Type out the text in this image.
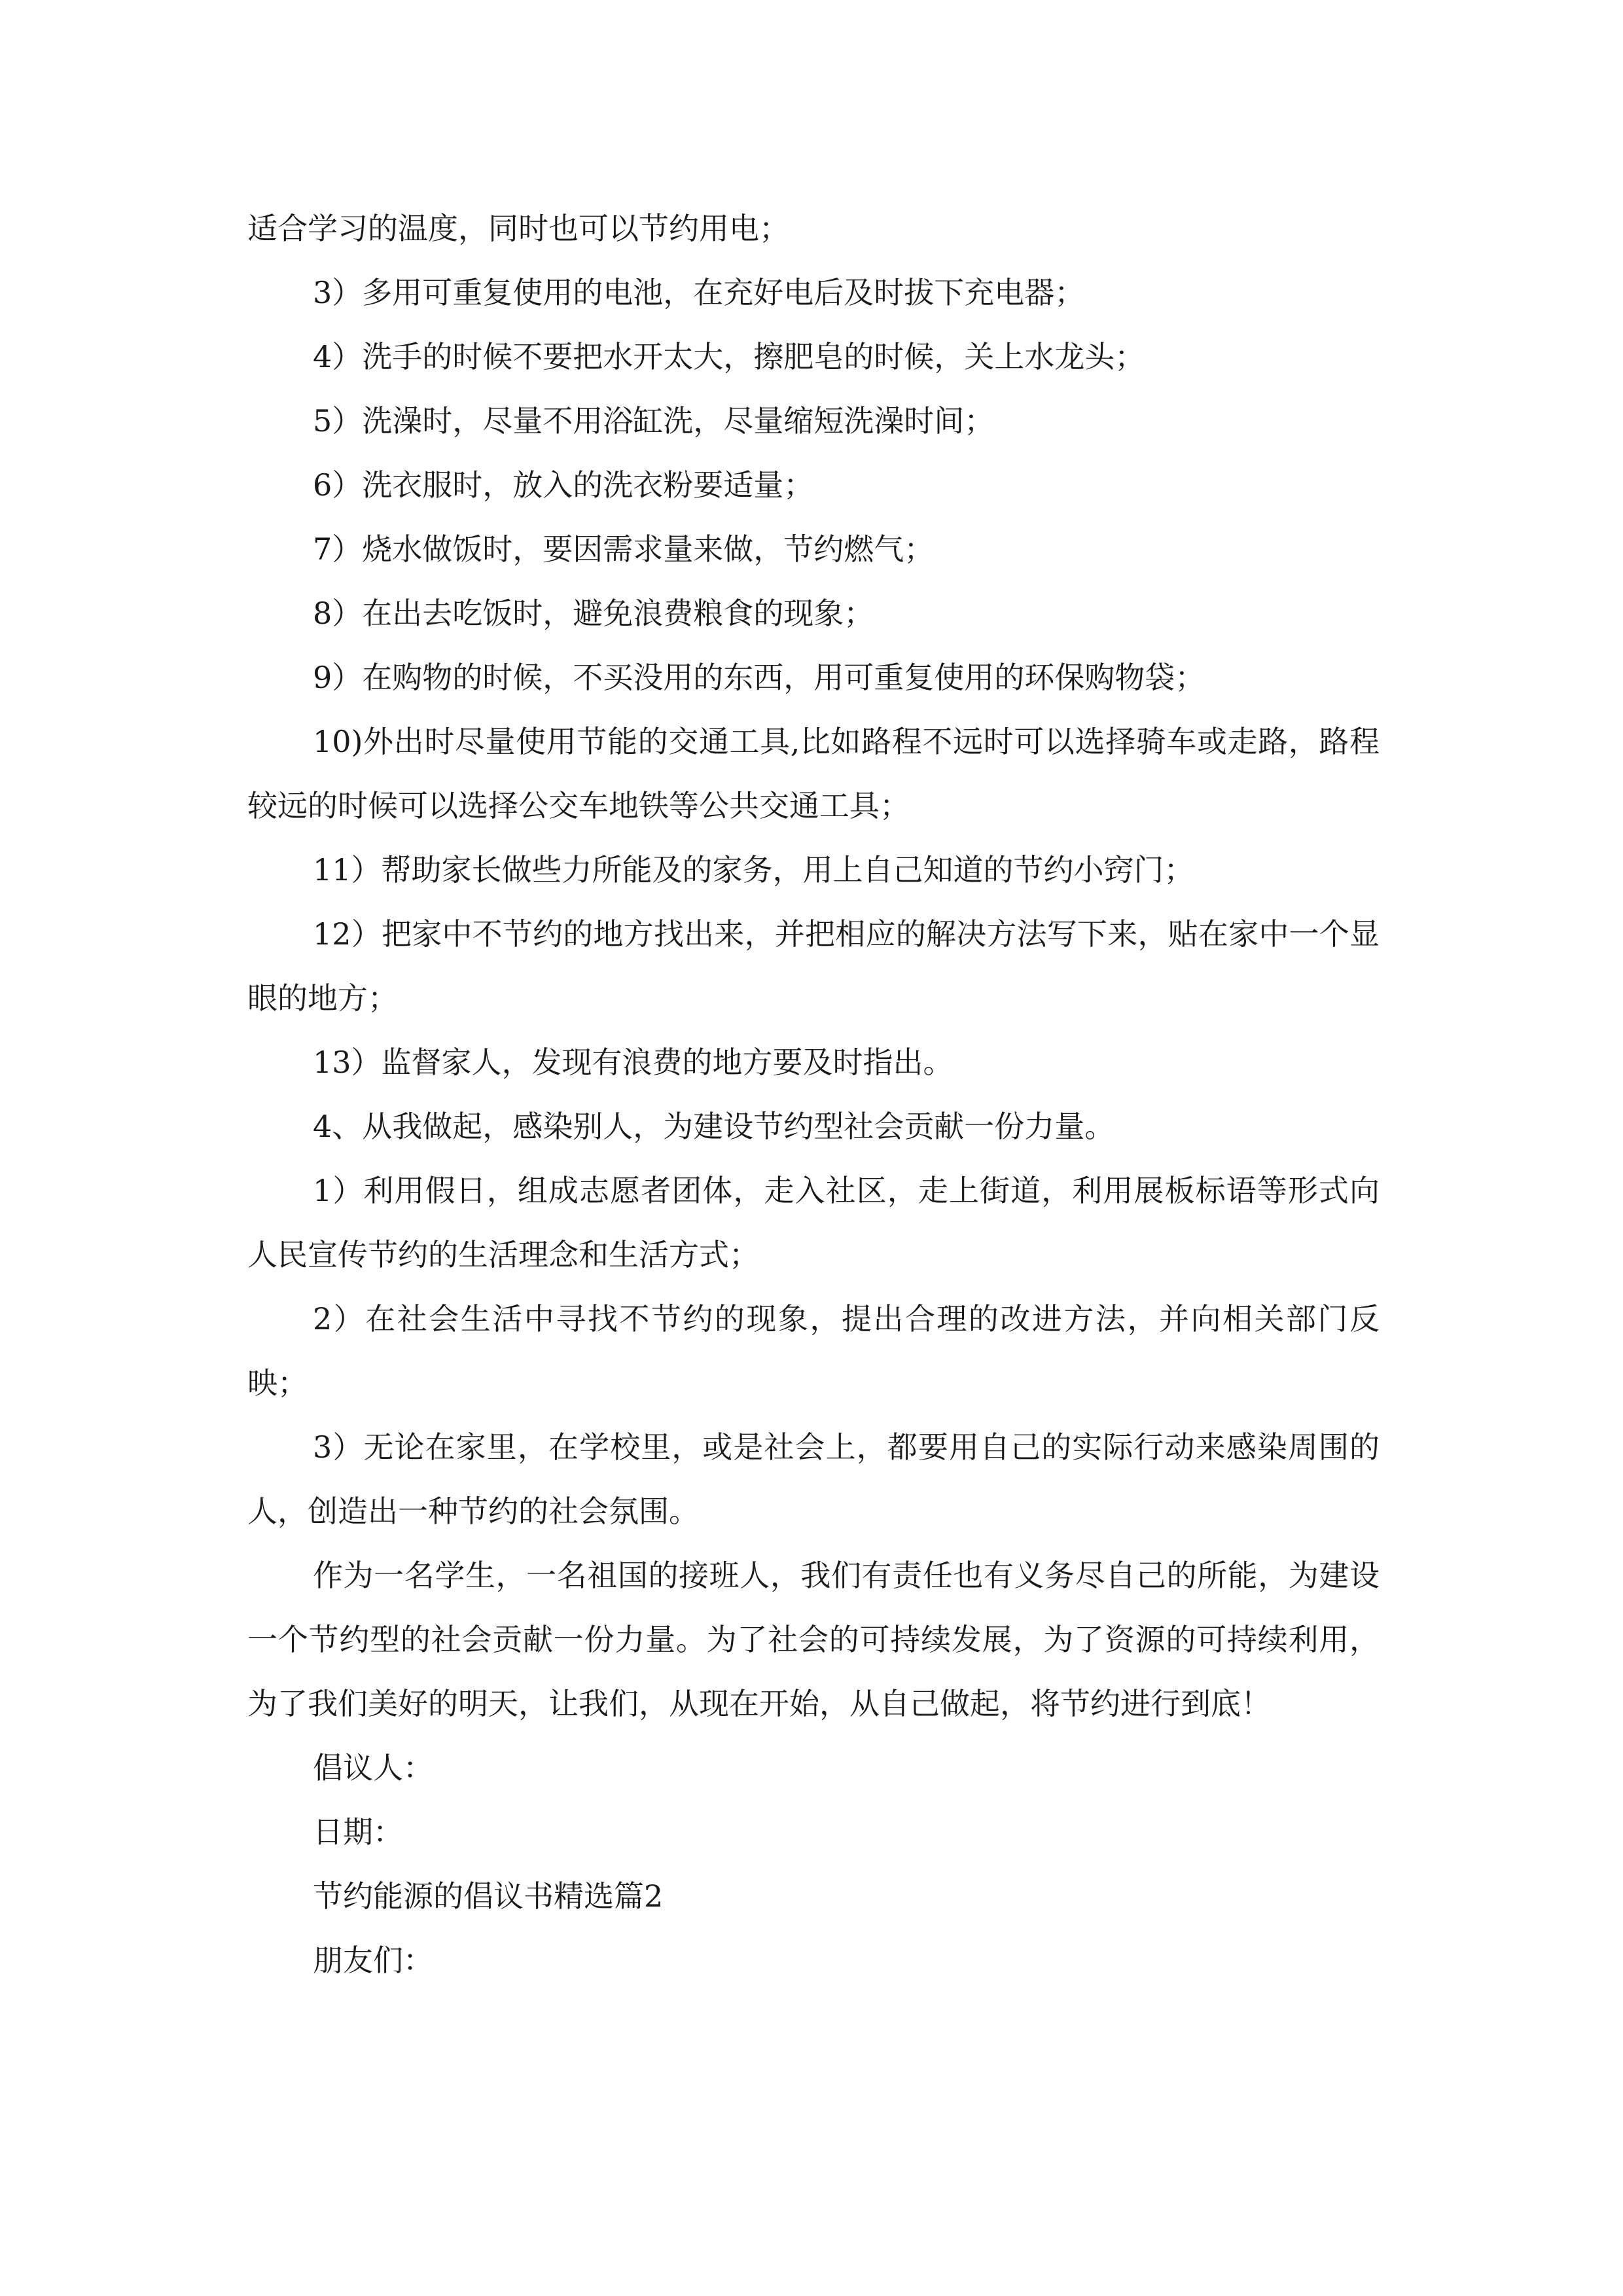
适合学习的温度，同时也可以节约用电；

3）多用可重复使用的电池，在充好电后及时拔下充电器；

4）洗手的时候不要把水开太大，擦肥皂的时候，关上水龙头；

5）洗澡时，尽量不用浴缸洗，尽量缩短洗澡时间；

6）洗衣服时，放入的洗衣粉要适量；

7）烧水做饭时，要因需求量来做，节约燃气；

8）在出去吃饭时，避免浪费粮食的现象；

9）在购物的时候，不买没用的东西，用可重复使用的环保购物袋；

10)外出时尽量使用节能的交通工具,比如路程不远时可以选择骑车或走路，路程较远的时候可以选择公交车地铁等公共交通工具；

11）帮助家长做些力所能及的家务，用上自己知道的节约小窍门；

12）把家中不节约的地方找出来，并把相应的解决方法写下来，贴在家中一个显眼的地方；

13）监督家人，发现有浪费的地方要及时指出。

4、从我做起，感染别人，为建设节约型社会贡献一份力量。

1）利用假日，组成志愿者团体，走入社区，走上街道，利用展板标语等形式向人民宣传节约的生活理念和生活方式；

2）在社会生活中寻找不节约的现象，提出合理的改进方法，并向相关部门反映；

3）无论在家里，在学校里，或是社会上，都要用自己的实际行动来感染周围的人，创造出一种节约的社会氛围。

作为一名学生，一名祖国的接班人，我们有责任也有义务尽自己的所能，为建设一个节约型的社会贡献一份力量。为了社会的可持续发展，为了资源的可持续利用，为了我们美好的明天，让我们，从现在开始，从自己做起，将节约进行到底！

倡议人：

日期：

节约能源的倡议书精选篇2

朋友们：
